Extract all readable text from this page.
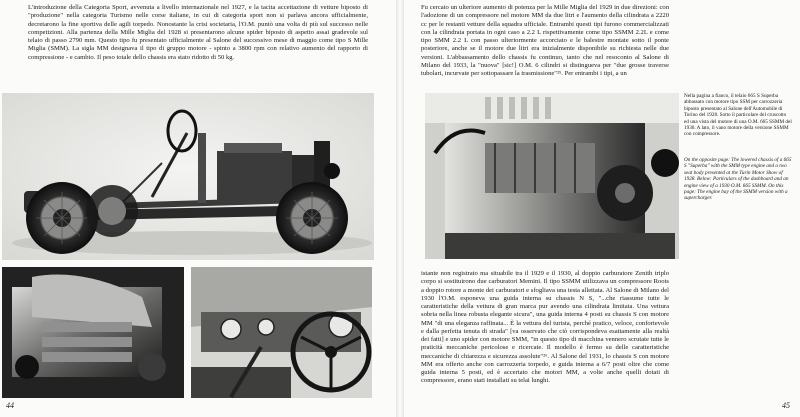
L'introduzione della Categoria Sport, avvenuta a livello internazionale nel 1927, e la tacita accettazione di vetture biposto di "produzione" nella categoria Turismo nelle corse italiane, in cui di categoria sport non si parlava ancora ufficialmente, decretarono la fine sportiva delle agili torpedo. Nonostante la crisi societaria, l'O.M. puntò una volta di più sul successo nelle competizioni. Alla partenza della Mille Miglia del 1928 si presentarono alcune spider biposto di aspetto assai gradevole sul telaio di passo 2790 mm. Questo tipo fu presentato ufficialmente al Salone del successivo mese di maggio come tipo S Mille Miglia (SMM). La sigla MM designava il tipo di gruppo motore - spinto a 3800 rpm con relativo aumento del rapporto di compressione - e cambio. Il peso totale dello chassis era stato ridotto di 50 kg.

44

Fu cercato un ulteriore aumento di potenza per la Mille Miglia del 1929 in due direzioni: con l'adozione di un compressore nel motore MM da due litri e l'aumento della cilindrata a 2220 cc per le restanti vetture della squadra ufficiale. Entrambi questi tipi furono commercializzati con la cilindrata portata in ogni caso a 2.2 L rispettivamente come tipo SSMM 2.2L e come tipo SMM 2.2 L con passo ulteriormente accorciato e le balestre montate sotto il ponte posteriore, anche se il motore due litri era inizialmente disponibile su richiesta nelle due versioni. L'abbassamento dello chassis fu continuo, tanto che nel resoconto al Salone di Milano del 1933, la "nuova" [sic!] O.M. 6 cilindri si distingueva per "due grosse traverse tubolari, incurvate per sottopassare la trasmissione"²⁵. Per entrambi i tipi, a un

Nella pagina a fianco, il telaio 665 S Superba abbassato con motore tipo SSM per carrozzeria biposto presentato al Salone dell'Automobile di Torino del 1928. Sotto il particolare del cruscotto ed una vista del motore di una O.M. 665 SSMM del 1930. A lato, il vano motore della versione SSMM con compressore.

On the opposite page: The lowered chassis of a 665 S "Superba" with the SMM type engine and a two seat body presented at the Turin Motor Show of 1928. Below: Particulars of the dashboard and an engine view of a 1930 O.M. 665 SSMM. On this page: The engine bay of the SSMM version with a supercharger.

istante non registrato ma situabile tra il 1929 e il 1930, al doppio carburatore Zenith triplo corpo si sostituirono due carburatori Memini. Il tipo SSMM utilizzava un compressore Roots a doppio rotore a monte dei carburatori e sfogliava una testa allettata. Al Salone di Milano del 1930 l'O.M. esponeva una guida interna su chassis N S, "...che riassume tutte le caratteristiche della vettura di gran marca pur avendo una cilindrata limitata. Una vettura sobria nella linea robusta elegante sicura", una guida interna 4 posti su chassis S con motore MM "di una eleganza raffinata... È la vettura del turista, perché pratico, veloce, confortevole e dalla perfetta tenuta di strada" [va osservato che ciò corrispondeva esattamente alla realtà dei fatti] e uno spider con motore SMM, "in questo tipo di macchina vennero scrutate tutte le praticità meccaniche pericolose e ricercate. Il modello è fermo su delle caratteristiche meccaniche di chiarezza e sicurezza assolute"²⁶. Al Salone del 1931, lo chassis S con motore MM era offerto anche con carrozzeria torpedo, e guida interna a 6/7 posti oltre che come guida interna 5 posti, ed è accertato che motori MM, a volte anche quelli dotati di compressore, erano stati installati su telai lunghi.

45
